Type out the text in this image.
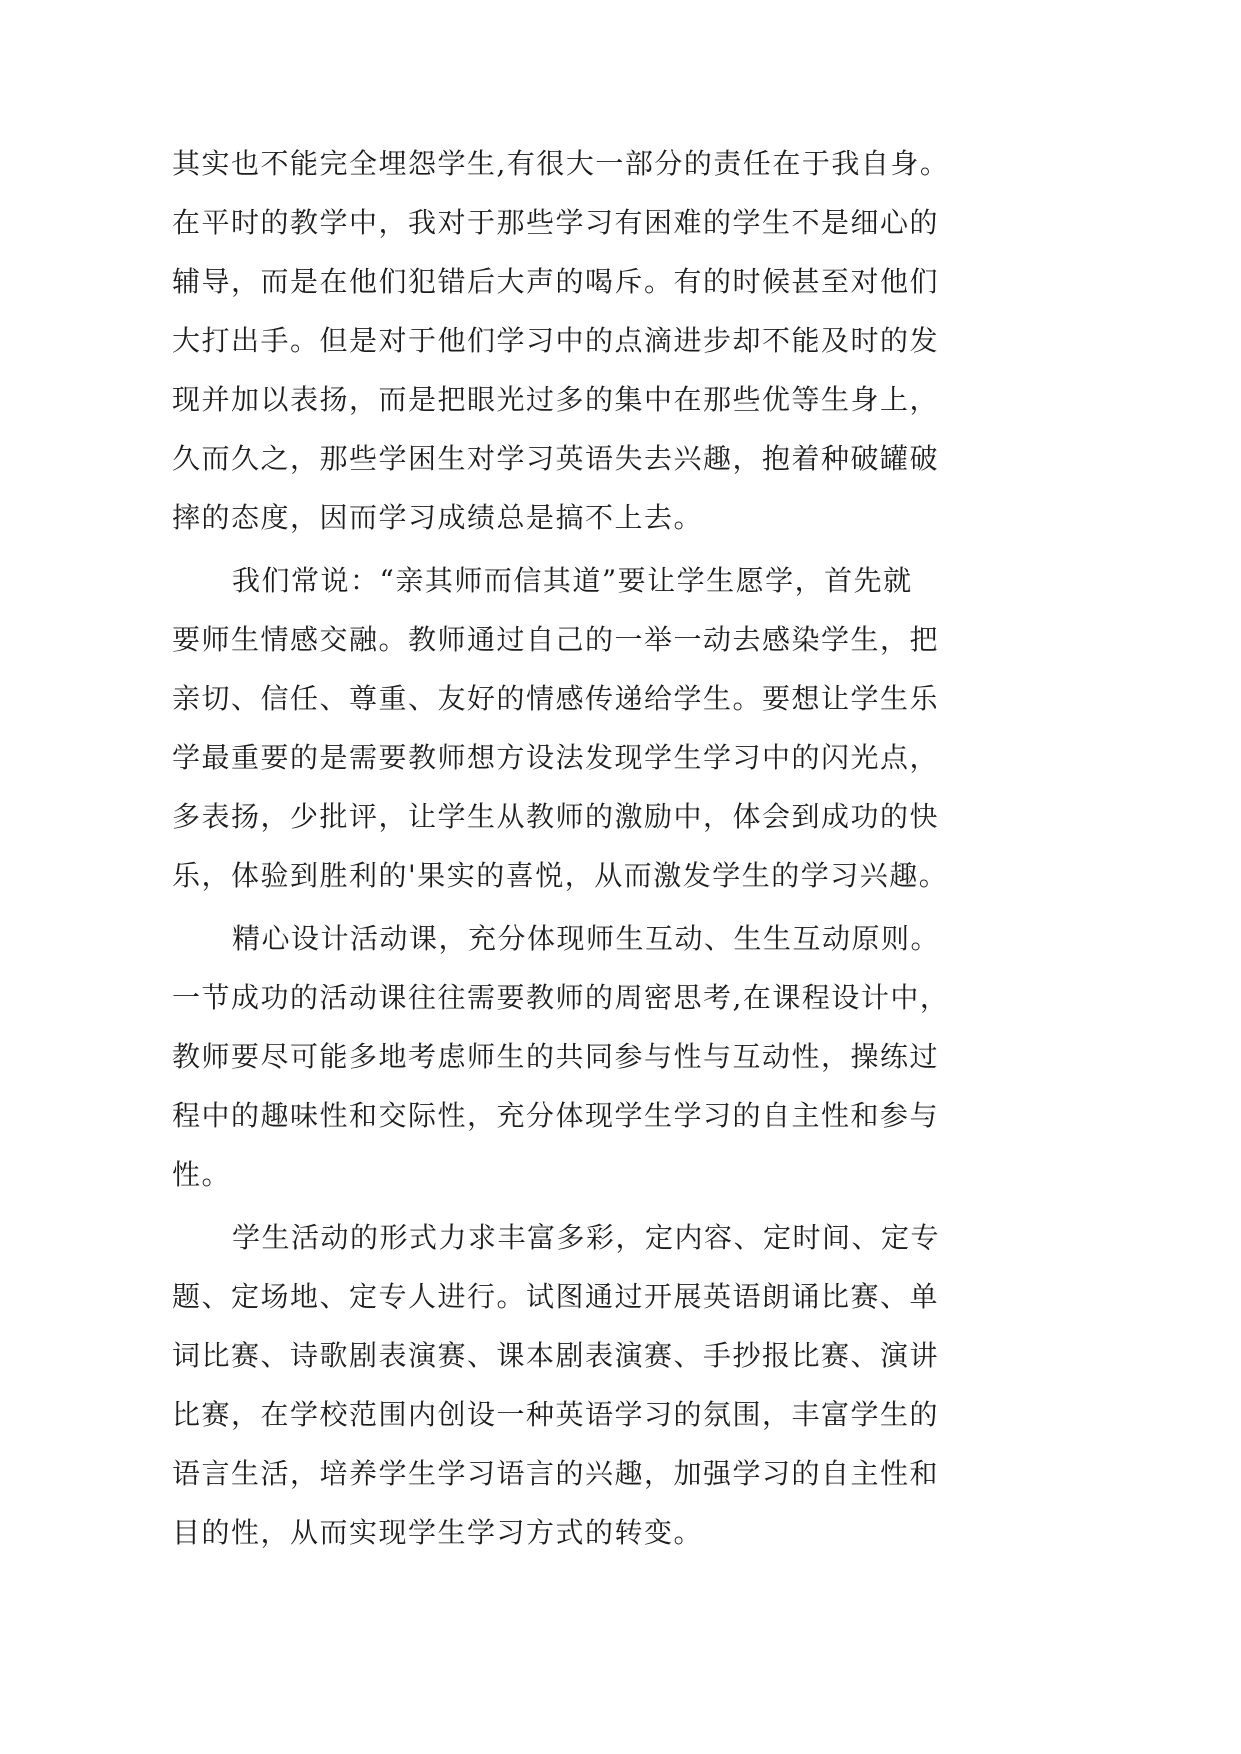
其实也不能完全埋怨学生,有很大一部分的责任在于我自身。
在平时的教学中，我对于那些学习有困难的学生不是细心的
辅导，而是在他们犯错后大声的喝斥。有的时候甚至对他们
大打出手。但是对于他们学习中的点滴进步却不能及时的发
现并加以表扬，而是把眼光过多的集中在那些优等生身上，
久而久之，那些学困生对学习英语失去兴趣，抱着种破罐破
摔的态度，因而学习成绩总是搞不上去。
我们常说：“亲其师而信其道”要让学生愿学，首先就
要师生情感交融。教师通过自己的一举一动去感染学生，把
亲切、信任、尊重、友好的情感传递给学生。要想让学生乐
学最重要的是需要教师想方设法发现学生学习中的闪光点，
多表扬，少批评，让学生从教师的激励中，体会到成功的快
乐，体验到胜利的'果实的喜悦，从而激发学生的学习兴趣。
精心设计活动课，充分体现师生互动、生生互动原则。
一节成功的活动课往往需要教师的周密思考,在课程设计中，
教师要尽可能多地考虑师生的共同参与性与互动性，操练过
程中的趣味性和交际性，充分体现学生学习的自主性和参与
性。
学生活动的形式力求丰富多彩，定内容、定时间、定专
题、定场地、定专人进行。试图通过开展英语朗诵比赛、单
词比赛、诗歌剧表演赛、课本剧表演赛、手抄报比赛、演讲
比赛，在学校范围内创设一种英语学习的氛围，丰富学生的
语言生活，培养学生学习语言的兴趣，加强学习的自主性和
目的性，从而实现学生学习方式的转变。
